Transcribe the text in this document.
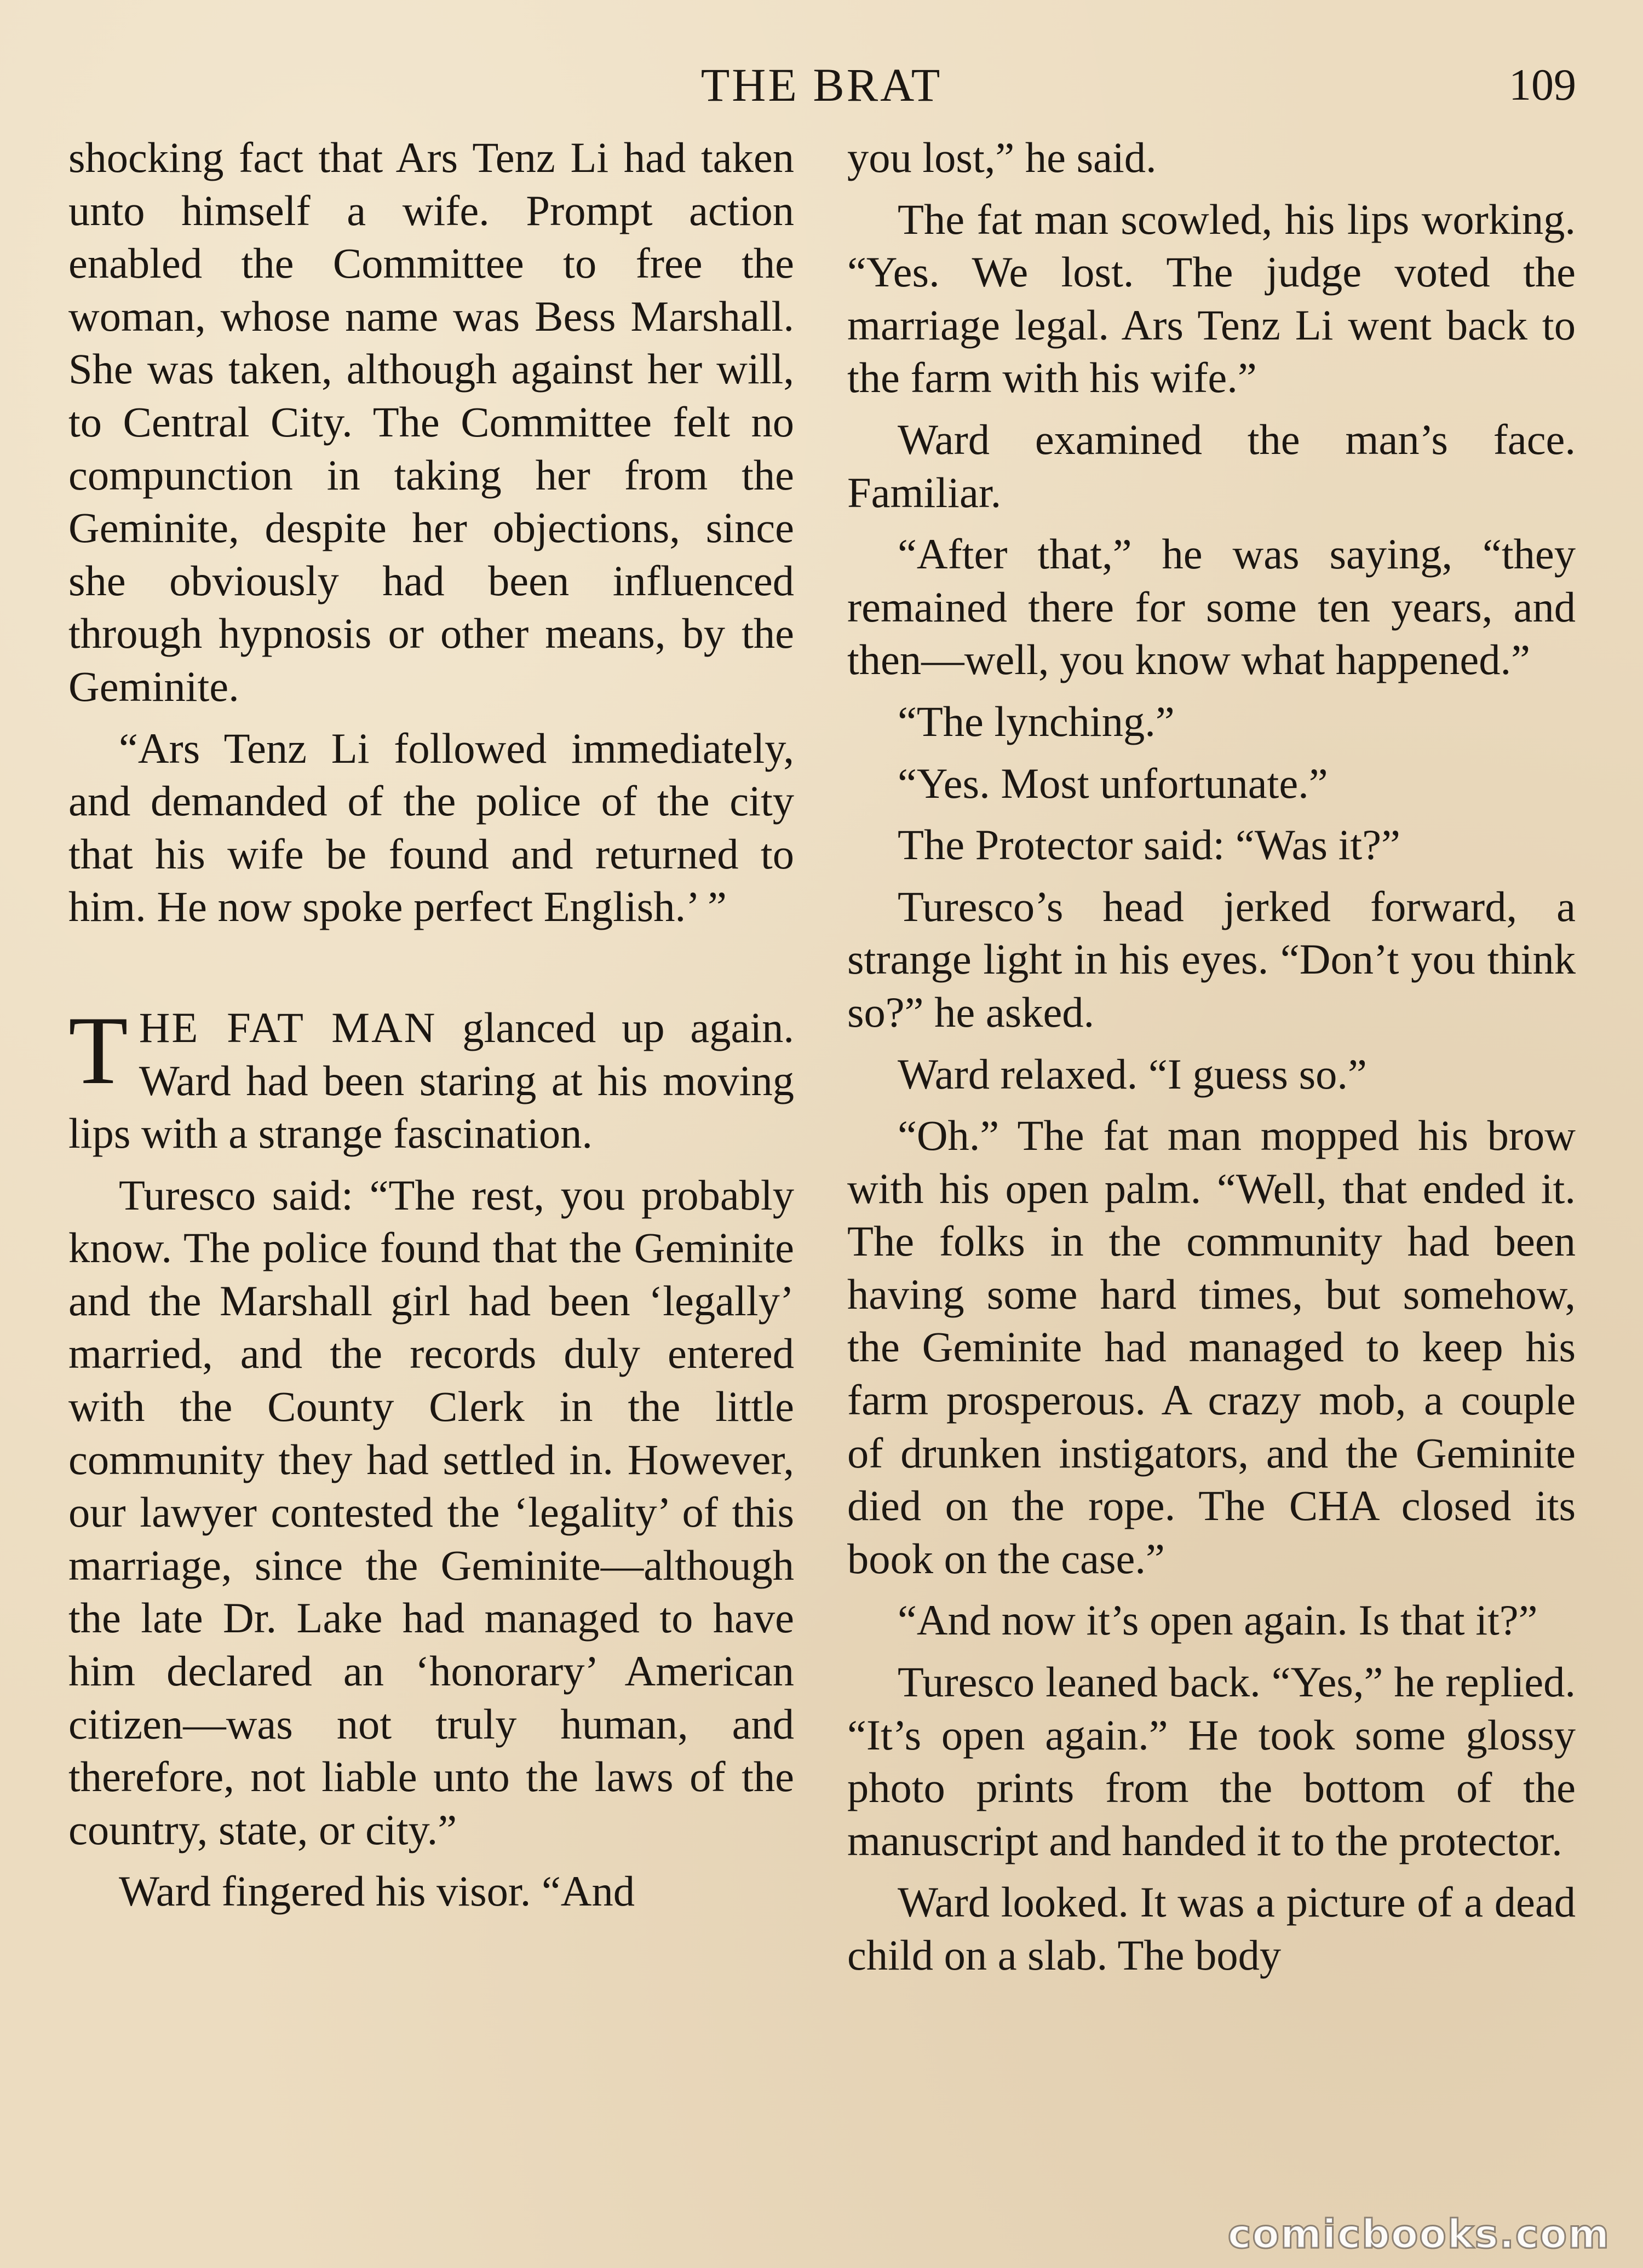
THE BRAT	109

shocking fact that Ars Tenz Li had taken unto himself a wife. Prompt action enabled the Committee to free the woman, whose name was Bess Marshall. She was taken, although against her will, to Central City. The Committee felt no compunction in taking her from the Geminite, despite her objections, since she obviously had been influenced through hypnosis or other means, by the Geminite.

“Ars Tenz Li followed immediately, and demanded of the police of the city that his wife be found and returned to him. He now spoke perfect English.’ ”

THE FAT MAN glanced up again. Ward had been staring at his moving lips with a strange fascination.

Turesco said: “The rest, you probably know. The police found that the Geminite and the Marshall girl had been ‘legally’ married, and the records duly entered with the County Clerk in the little community they had settled in. However, our lawyer contested the ‘legality’ of this marriage, since the Geminite—although the late Dr. Lake had managed to have him declared an ‘honorary’ American citizen—was not truly human, and therefore, not liable unto the laws of the country, state, or city.”

Ward fingered his visor. “And

you lost,” he said.

The fat man scowled, his lips working. “Yes. We lost. The judge voted the marriage legal. Ars Tenz Li went back to the farm with his wife.”

Ward examined the man’s face. Familiar.

“After that,” he was saying, “they remained there for some ten years, and then—well, you know what happened.”

“The lynching.”

“Yes. Most unfortunate.”

The Protector said: “Was it?”

Turesco’s head jerked forward, a strange light in his eyes. “Don’t you think so?” he asked.

Ward relaxed. “I guess so.”

“Oh.” The fat man mopped his brow with his open palm. “Well, that ended it. The folks in the community had been having some hard times, but somehow, the Geminite had managed to keep his farm prosperous. A crazy mob, a couple of drunken instigators, and the Geminite died on the rope. The CHA closed its book on the case.”

“And now it’s open again. Is that it?”

Turesco leaned back. “Yes,” he replied. “It’s open again.” He took some glossy photo prints from the bottom of the manuscript and handed it to the protector.

Ward looked. It was a picture of a dead child on a slab. The body

comicbooks.com
